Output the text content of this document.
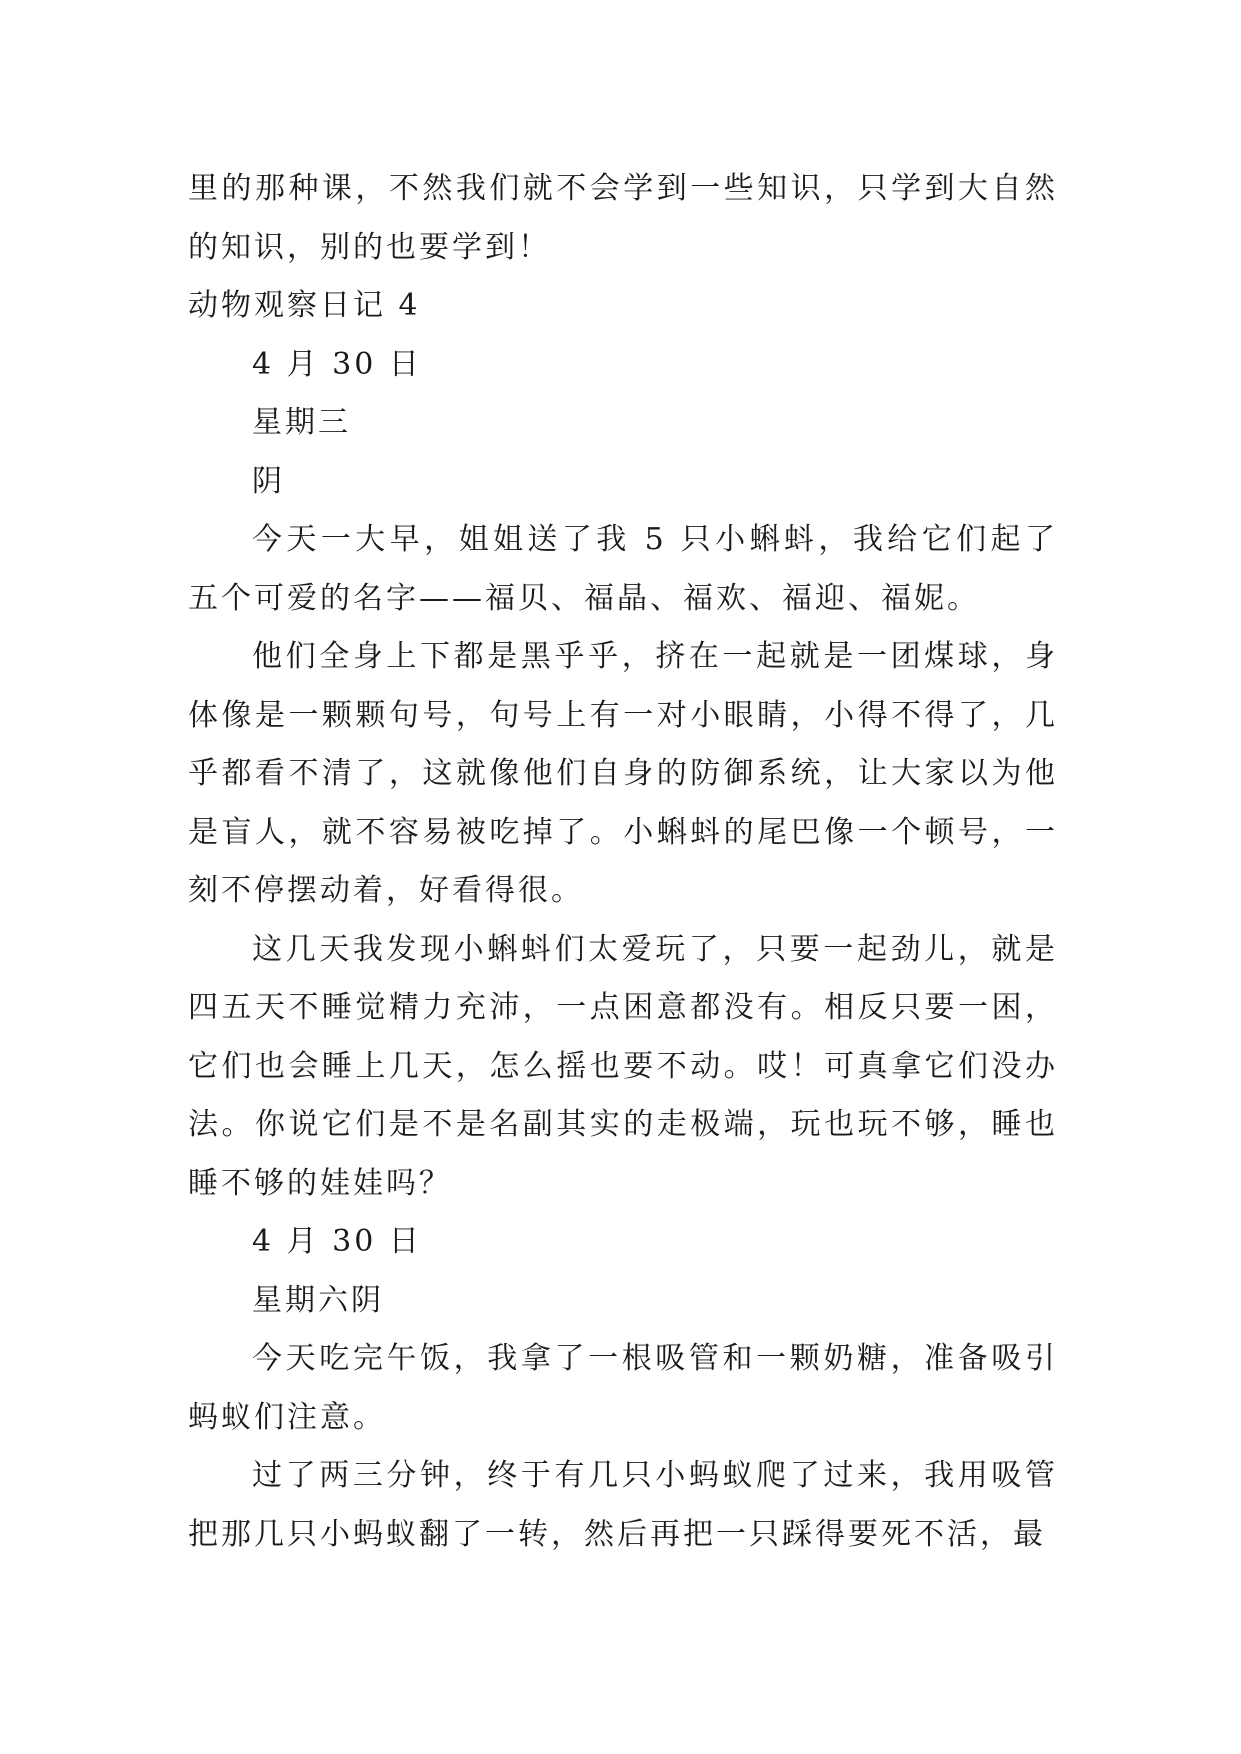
里的那种课，不然我们就不会学到一些知识，只学到大自然的知识，别的也要学到！

动物观察日记 4

4 月 30 日

星期三

阴

今天一大早，姐姐送了我 5 只小蝌蚪，我给它们起了五个可爱的名字——福贝、福晶、福欢、福迎、福妮。

他们全身上下都是黑乎乎，挤在一起就是一团煤球，身体像是一颗颗句号，句号上有一对小眼睛，小得不得了，几乎都看不清了，这就像他们自身的防御系统，让大家以为他是盲人，就不容易被吃掉了。小蝌蚪的尾巴像一个顿号，一刻不停摆动着，好看得很。

这几天我发现小蝌蚪们太爱玩了，只要一起劲儿，就是四五天不睡觉精力充沛，一点困意都没有。相反只要一困，它们也会睡上几天，怎么摇也要不动。哎！可真拿它们没办法。你说它们是不是名副其实的走极端，玩也玩不够，睡也睡不够的娃娃吗？

4 月 30 日

星期六阴

今天吃完午饭，我拿了一根吸管和一颗奶糖，准备吸引蚂蚁们注意。

过了两三分钟，终于有几只小蚂蚁爬了过来，我用吸管把那几只小蚂蚁翻了一转，然后再把一只踩得要死不活，最
